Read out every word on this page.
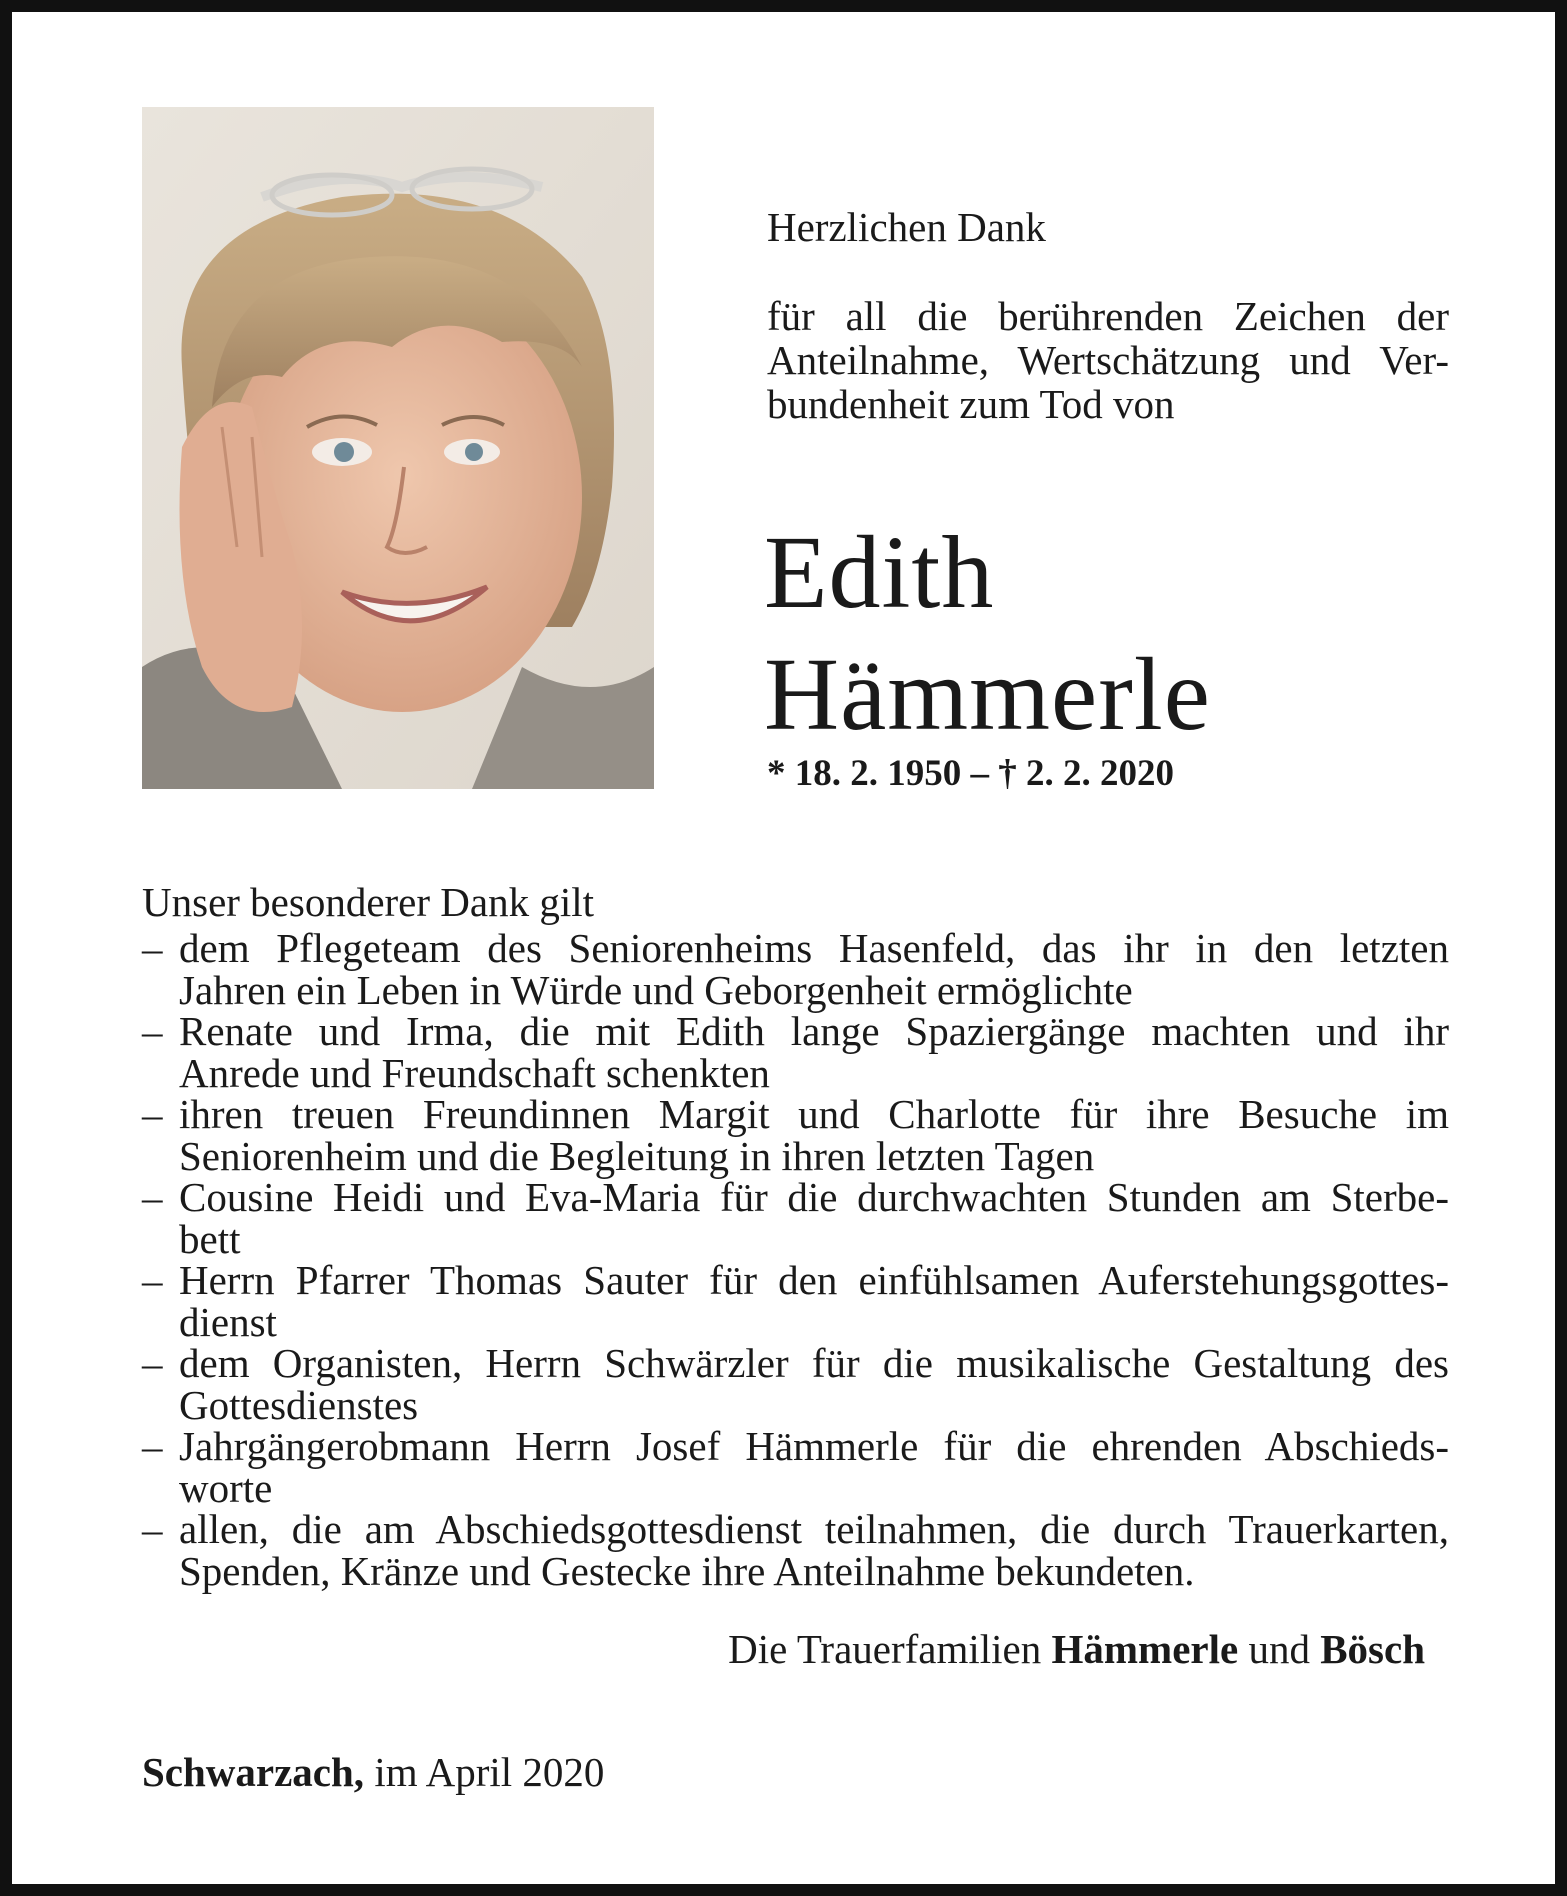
Herzlichen Dank

für all die berührenden Zeichen der
Anteilnahme, Wertschätzung und Ver-
bundenheit zum Tod von

Edith

Hämmerle

* 18. 2. 1950 – † 2. 2. 2020

Unser besonderer Dank gilt

– dem Pflegeteam des Seniorenheims Hasenfeld, das ihr in den letzten
Jahren ein Leben in Würde und Geborgenheit ermöglichte
– Renate und Irma, die mit Edith lange Spaziergänge machten und ihr
Anrede und Freundschaft schenkten
– ihren treuen Freundinnen Margit und Charlotte für ihre Besuche im
Seniorenheim und die Begleitung in ihren letzten Tagen
– Cousine Heidi und Eva-Maria für die durchwachten Stunden am Sterbe-
bett
– Herrn Pfarrer Thomas Sauter für den einfühlsamen Auferstehungsgottes-
dienst
– dem Organisten, Herrn Schwärzler für die musikalische Gestaltung des
Gottesdienstes
– Jahrgängerobmann Herrn Josef Hämmerle für die ehrenden Abschieds-
worte
– allen, die am Abschiedsgottesdienst teilnahmen, die durch Trauerkarten,
Spenden, Kränze und Gestecke ihre Anteilnahme bekundeten.
Die Trauerfamilien Hämmerle und Bösch
Schwarzach, im April 2020
